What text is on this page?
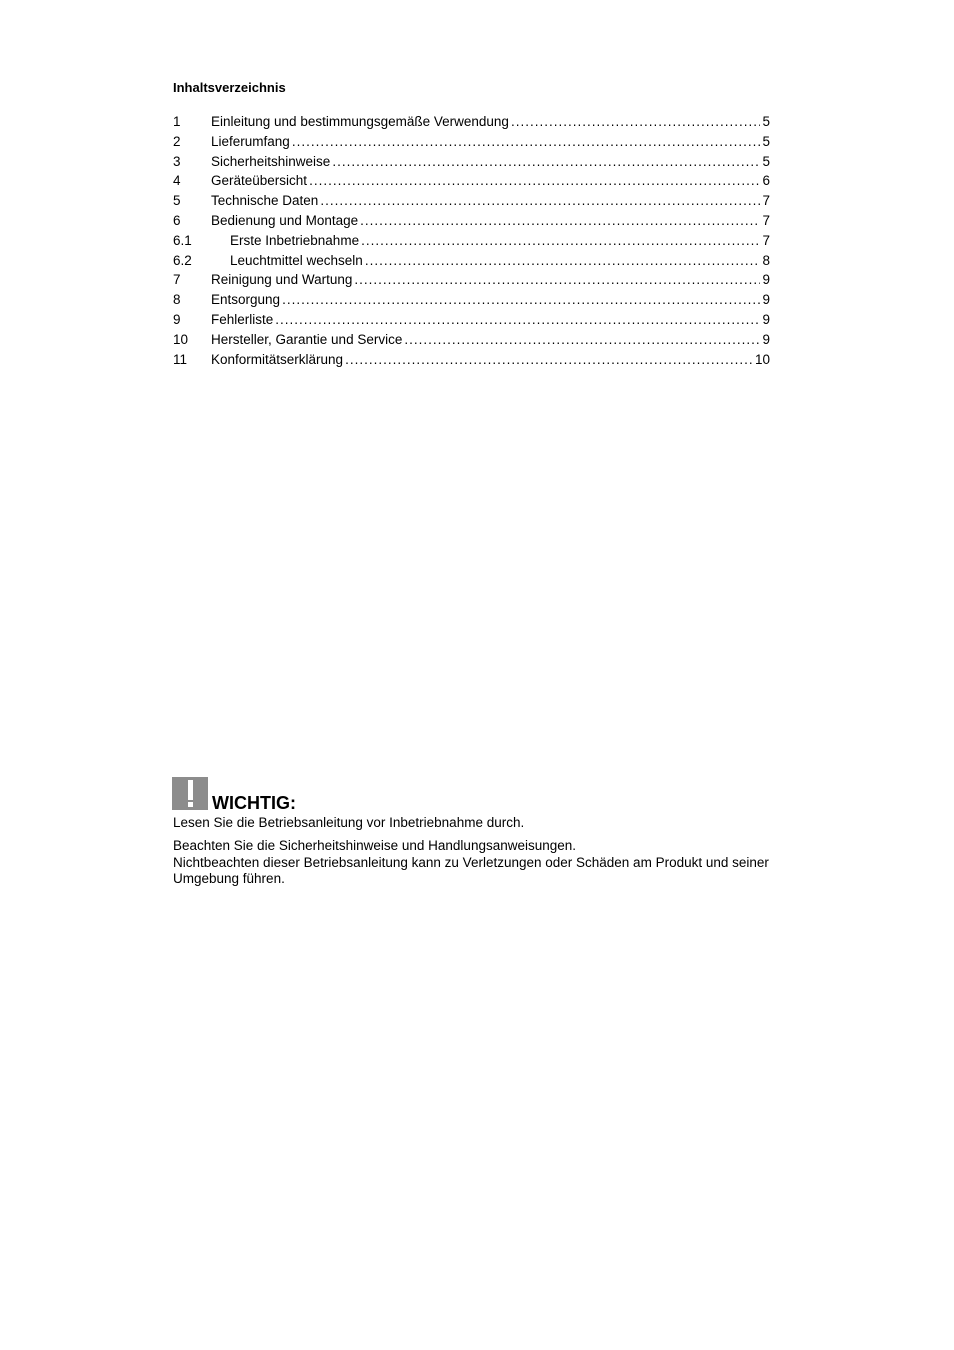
Inhaltsverzeichnis
1	Einleitung und bestimmungsgemäße Verwendung .....	5
2	Lieferumfang .....	5
3	Sicherheitshinweise .....	5
4	Geräteübersicht .....	6
5	Technische Daten .....	7
6	Bedienung und Montage .....	7
6.1	Erste Inbetriebnahme .....	7
6.2	Leuchtmittel wechseln .....	8
7	Reinigung und Wartung .....	9
8	Entsorgung .....	9
9	Fehlerliste .....	9
10	Hersteller, Garantie und Service .....	9
11	Konformitätserklärung .....	10
WICHTIG:
Lesen Sie die Betriebsanleitung vor Inbetriebnahme durch.
Beachten Sie die Sicherheitshinweise und Handlungsanweisungen.
Nichtbeachten dieser Betriebsanleitung kann zu Verletzungen oder Schäden am Produkt und seiner Umgebung führen.
